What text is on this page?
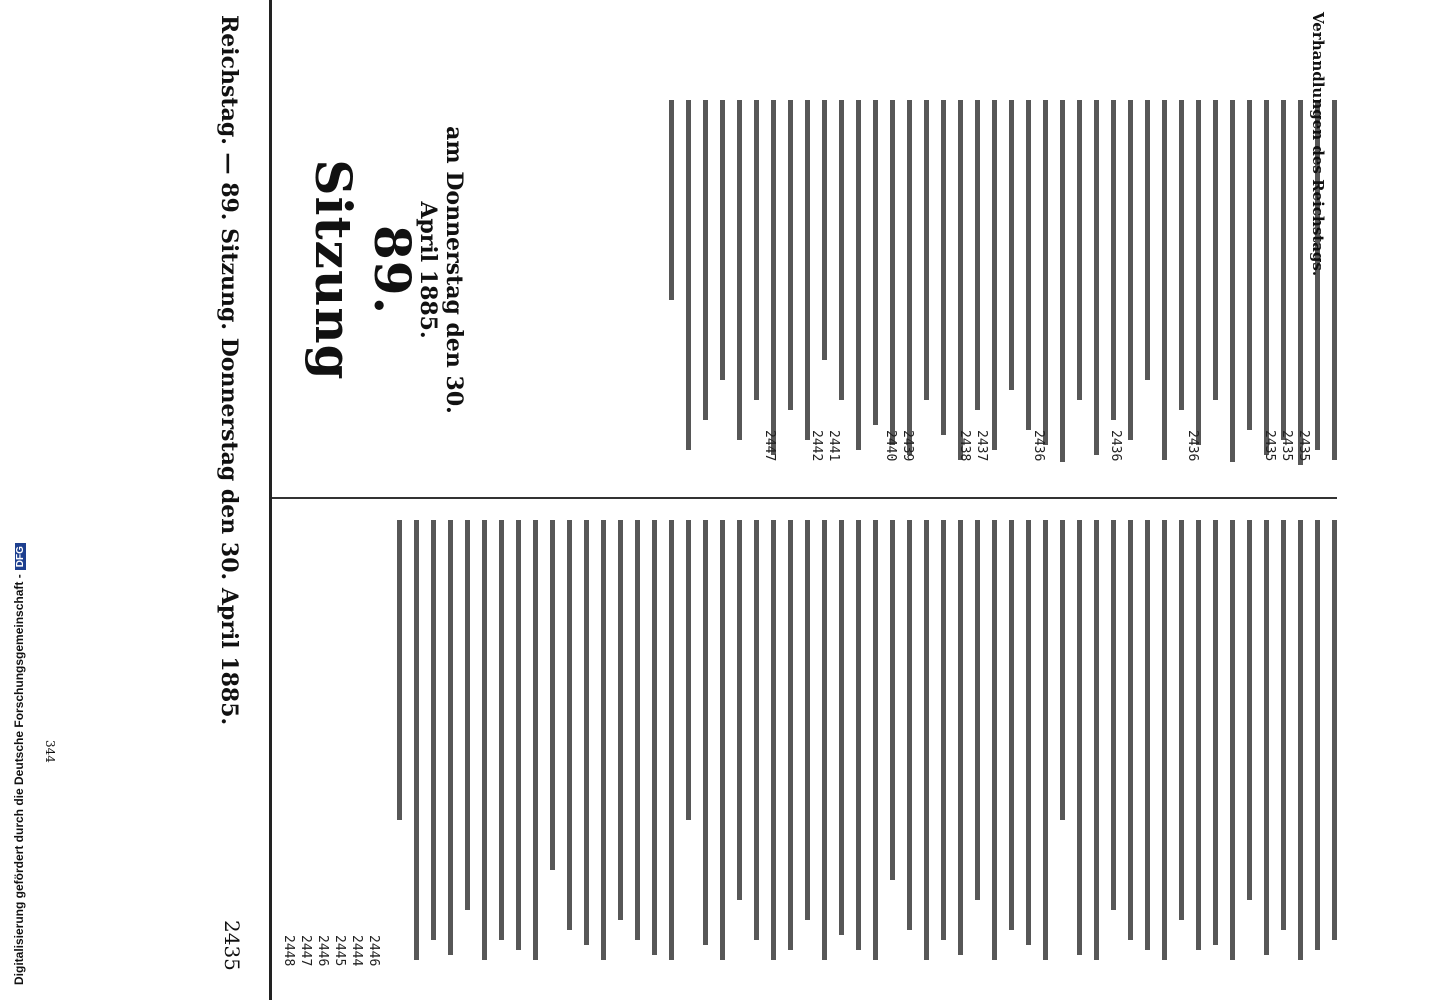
Reichstag. — 89. Sitzung. Donnerstag den 30. April 1885.
2435
89. Sitzung	am Donnerstag den 30. April 1885.
2435
2435
2435
2436
2436
2436
2437
2438
2439
2440
2441
2442
2447
2446
2444
2445
2446
2447
2448
Verhandlungen des Reichstags.
344
Digitalisierung gefördert durch die Deutsche Forschungsgemeinschaft -DFG
